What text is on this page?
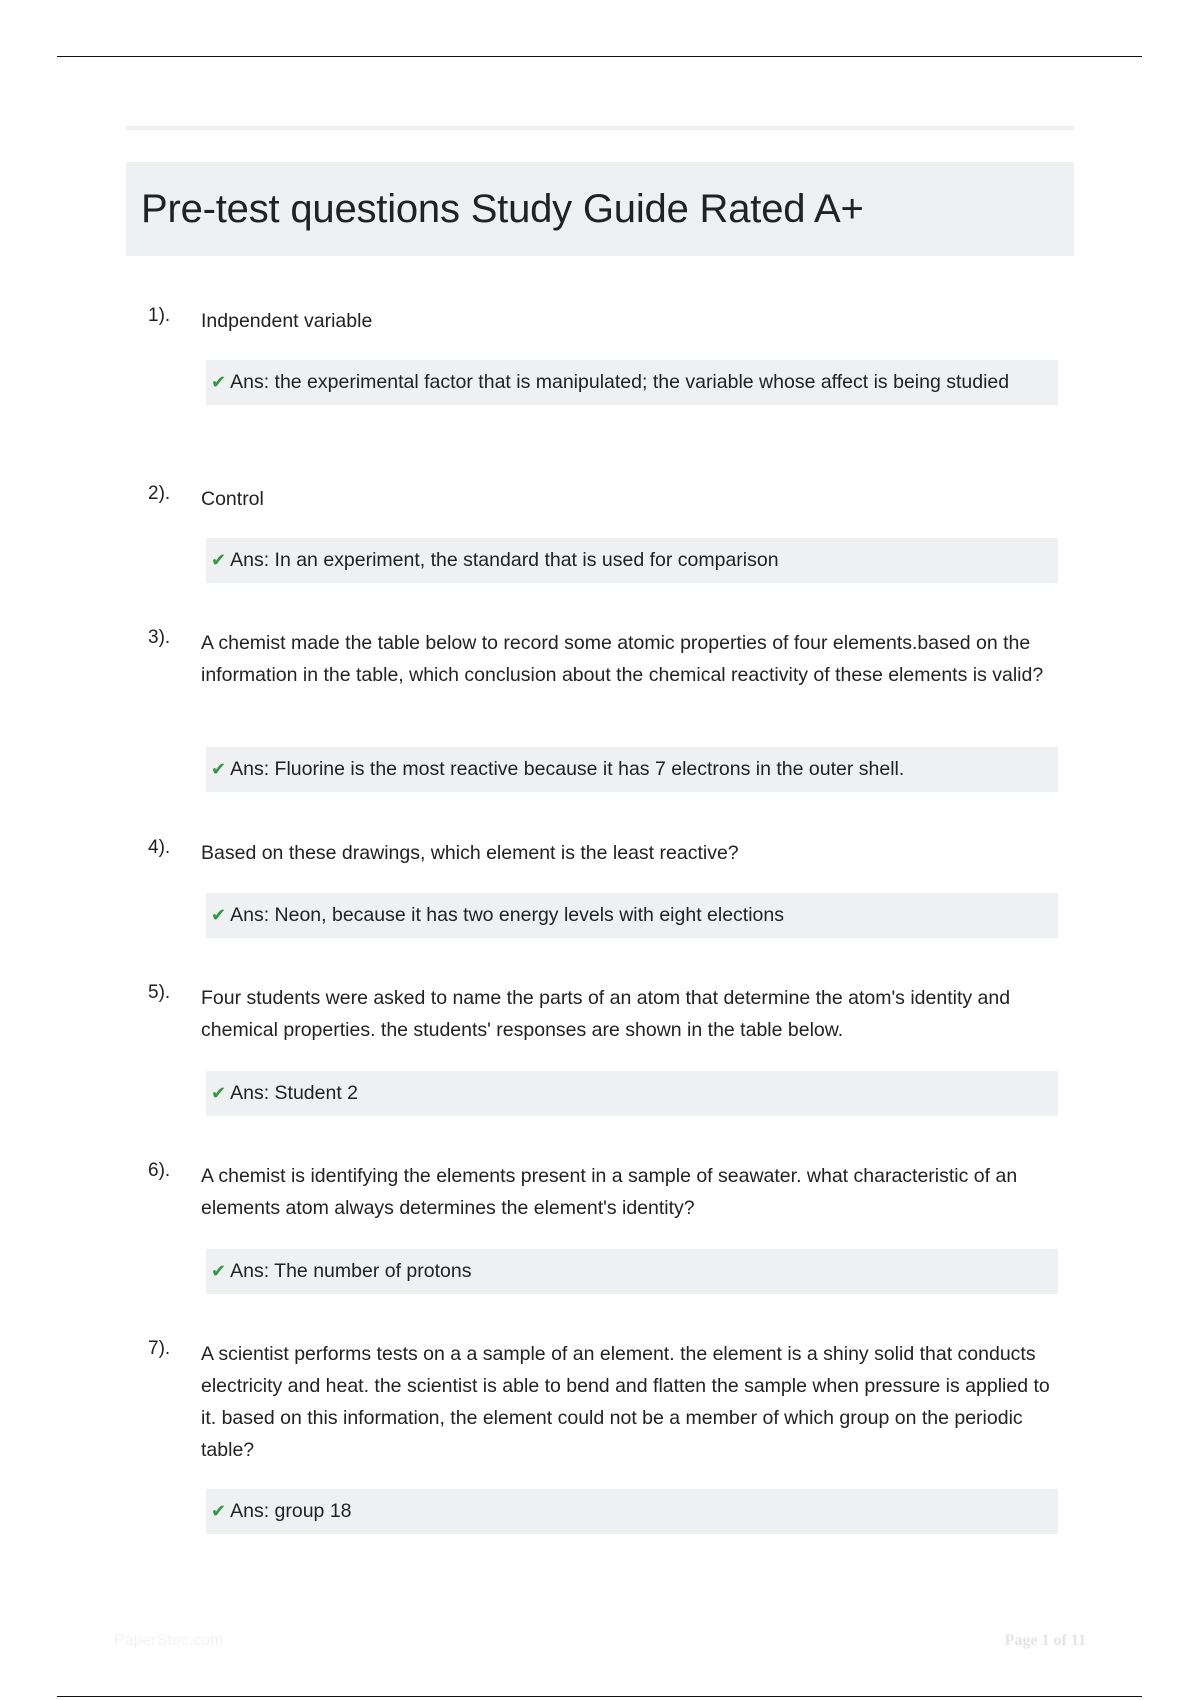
Pre-test questions Study Guide Rated A+
1). Indpendent variable
✔ Ans: the experimental factor that is manipulated; the variable whose affect is being studied
2). Control
✔ Ans: In an experiment, the standard that is used for comparison
3). A chemist made the table below to record some atomic properties of four elements.based on the information in the table, which conclusion about the chemical reactivity of these elements is valid?
✔ Ans: Fluorine is the most reactive because it has 7 electrons in the outer shell.
4). Based on these drawings, which element is the least reactive?
✔ Ans: Neon, because it has two energy levels with eight elections
5). Four students were asked to name the parts of an atom that determine the atom's identity and chemical properties. the students' responses are shown in the table below.
✔ Ans: Student 2
6). A chemist is identifying the elements present in a sample of seawater. what characteristic of an elements atom always determines the element's identity?
✔ Ans: The number of protons
7). A scientist performs tests on a a sample of an element. the element is a shiny solid that conducts electricity and heat. the scientist is able to bend and flatten the sample when pressure is applied to it. based on this information, the element could not be a member of which group on the periodic table?
✔ Ans: group 18
PaperStoc.com	Page 1 of 11
